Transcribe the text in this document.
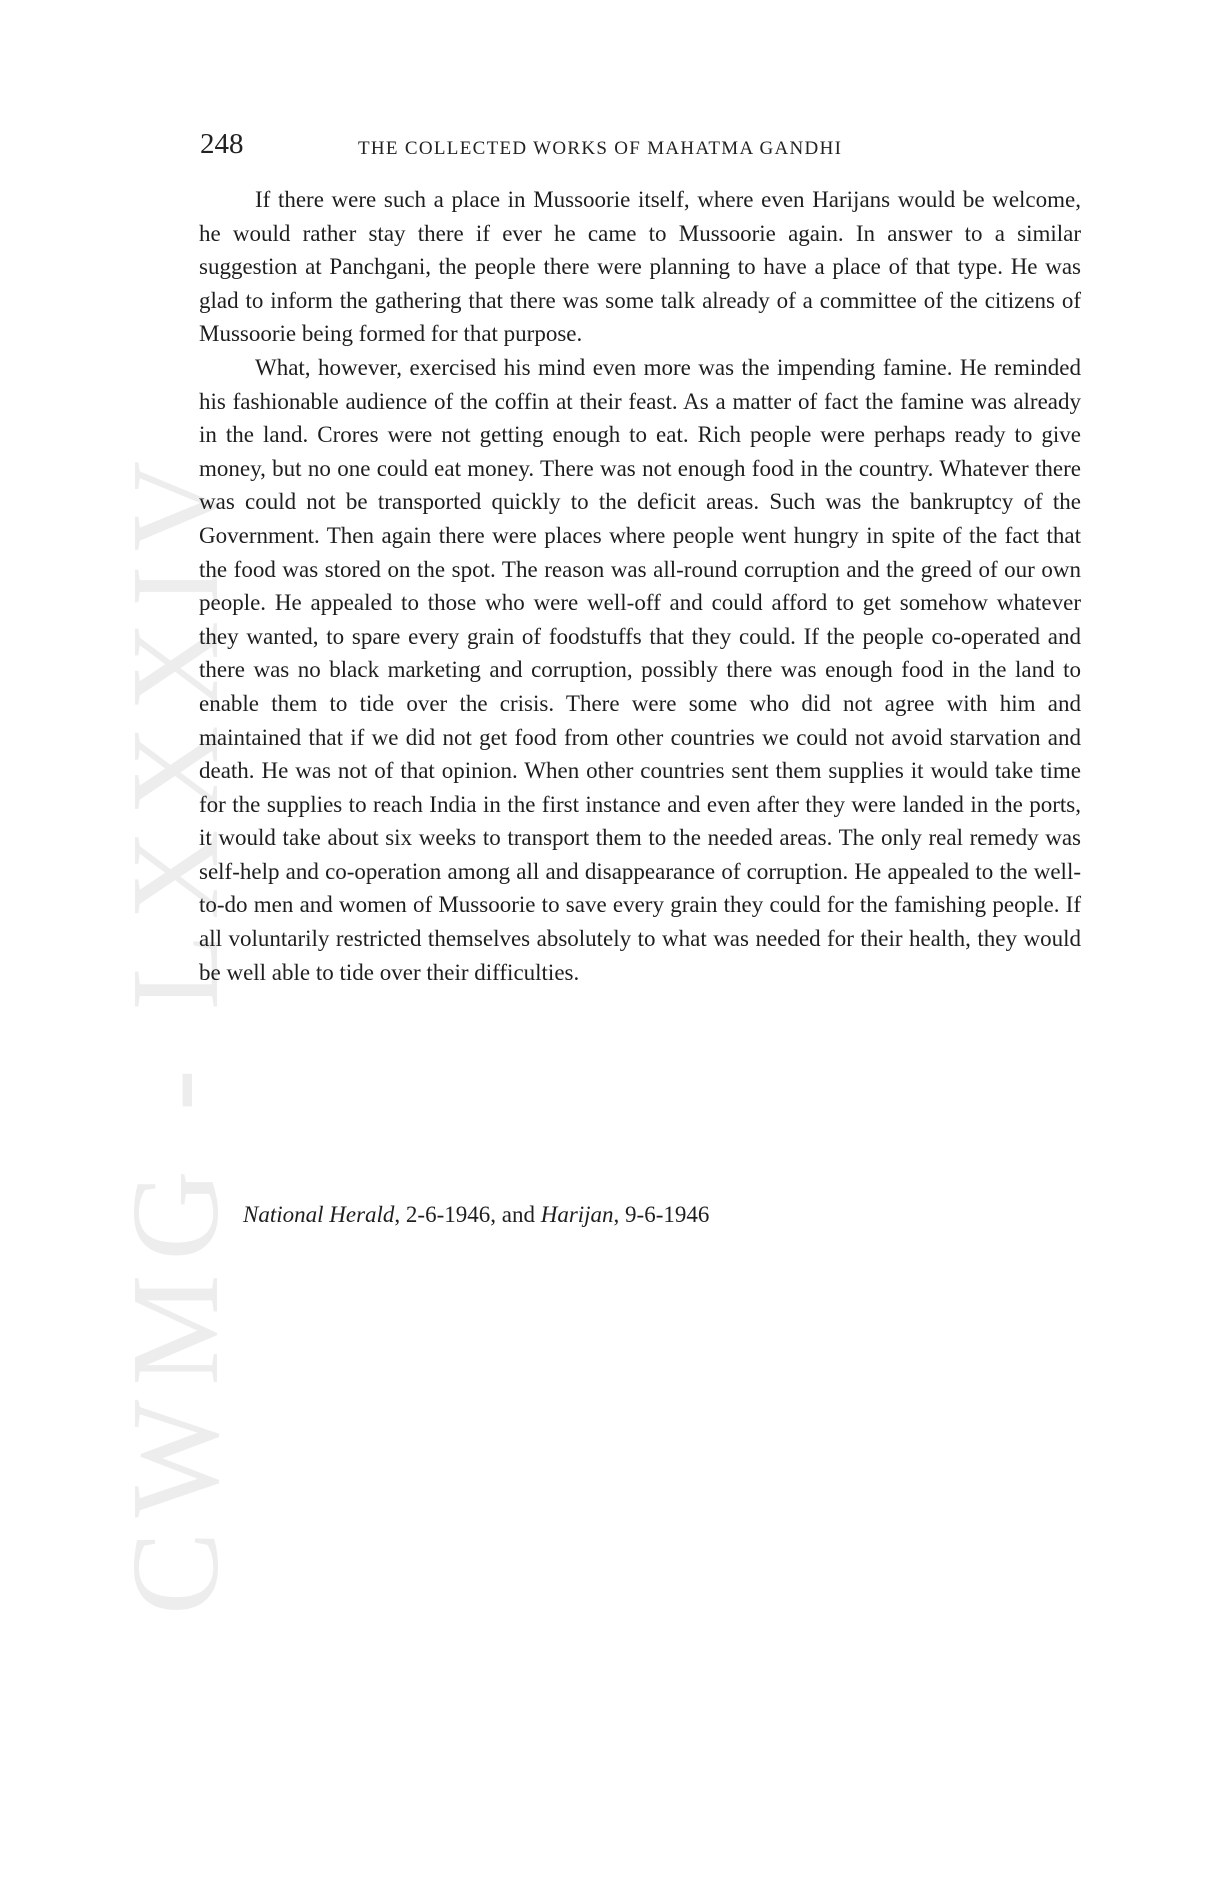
CWMG - LXXXIV
248	THE COLLECTED WORKS OF MAHATMA GANDHI

If there were such a place in Mussoorie itself, where even Harijans would be welcome, he would rather stay there if ever he came to Mussoorie again. In answer to a similar suggestion at Panchgani, the people there were planning to have a place of that type. He was glad to inform the gathering that there was some talk already of a committee of the citizens of Mussoorie being formed for that purpose.

What, however, exercised his mind even more was the impending famine. He reminded his fashionable audience of the coffin at their feast. As a matter of fact the famine was already in the land. Crores were not getting enough to eat. Rich people were perhaps ready to give money, but no one could eat money. There was not enough food in the country. Whatever there was could not be transported quickly to the deficit areas. Such was the bankruptcy of the Government. Then again there were places where people went hungry in spite of the fact that the food was stored on the spot. The reason was all-round corruption and the greed of our own people. He appealed to those who were well-off and could afford to get somehow whatever they wanted, to spare every grain of foodstuffs that they could. If the people co-operated and there was no black marketing and corruption, possibly there was enough food in the land to enable them to tide over the crisis. There were some who did not agree with him and maintained that if we did not get food from other countries we could not avoid starvation and death. He was not of that opinion. When other countries sent them supplies it would take time for the supplies to reach India in the first instance and even after they were landed in the ports, it would take about six weeks to transport them to the needed areas. The only real remedy was self-help and co-operation among all and disappearance of corruption. He appealed to the well-to-do men and women of Mussoorie to save every grain they could for the famishing people. If all voluntarily restricted themselves absolutely to what was needed for their health, they would be well able to tide over their difficulties.

National Herald, 2-6-1946, and Harijan, 9-6-1946
